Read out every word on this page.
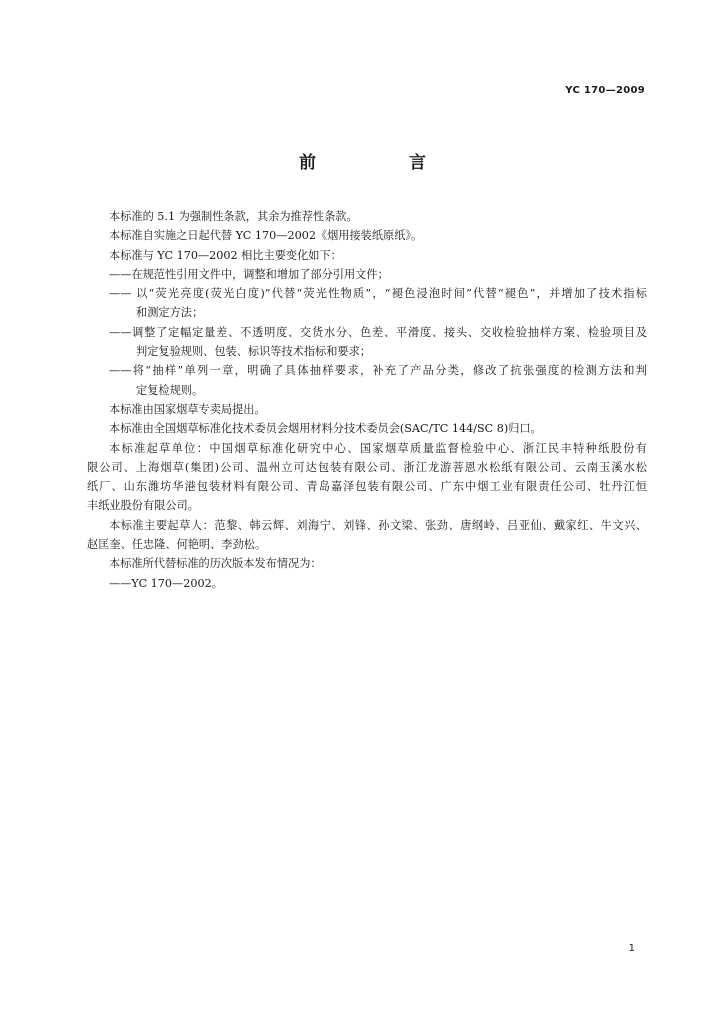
YC 170—2009
前　言
本标准的 5.1 为强制性条款，其余为推荐性条款。
本标准自实施之日起代替 YC 170—2002《烟用接装纸原纸》。
本标准与 YC 170—2002 相比主要变化如下：
——在规范性引用文件中，调整和增加了部分引用文件；
—— 以“荧光亮度(荧光白度)”代替“荧光性物质”，“褪色浸泡时间”代替“褪色”，并增加了技术指标
和测定方法；
——调整了定幅定量差、不透明度、交货水分、色差、平滑度、接头、交收检验抽样方案、检验项目及
判定复验规则、包装、标识等技术指标和要求；
——将“抽样”单列一章，明确了具体抽样要求，补充了产品分类，修改了抗张强度的检测方法和判
定复检规则。
本标准由国家烟草专卖局提出。
本标准由全国烟草标准化技术委员会烟用材料分技术委员会(SAC/TC 144/SC 8)归口。
本标准起草单位：中国烟草标准化研究中心、国家烟草质量监督检验中心、浙江民丰特种纸股份有
限公司、上海烟草(集团)公司、温州立可达包装有限公司、浙江龙游菩恩水松纸有限公司、云南玉溪水松
纸厂、山东潍坊华港包装材料有限公司、青岛嘉泽包装有限公司、广东中烟工业有限责任公司、牡丹江恒
丰纸业股份有限公司。
本标准主要起草人：范黎、韩云辉、刘海宁、刘锋、孙文梁、张劲、唐纲岭、吕亚仙、戴家红、牛文兴、
赵匡奎、任忠隆、何艳明、李劲松。
本标准所代替标准的历次版本发布情况为：
——YC 170—2002。
1
